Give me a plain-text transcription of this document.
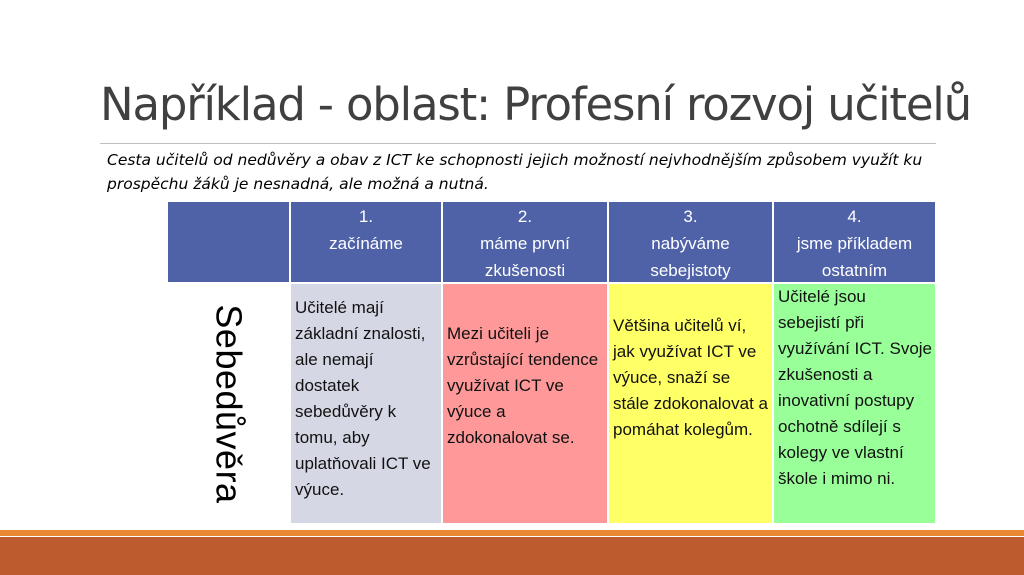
Například - oblast: Profesní rozvoj učitelů
Cesta učitelů od nedůvěry a obav z ICT ke schopnosti jejich možností nejvhodnějším způsobem využít ku prospěchu žáků je nesnadná, ale možná a nutná.
1.
začínáme
2.
máme první
zkušenosti
3.
nabýváme
sebejistoty
4.
jsme příkladem
ostatním
Sebedůvěra	Učitelé mají základní znalosti, ale nemají dostatek sebedůvěry k tomu, aby uplatňovali ICT ve výuce.
Mezi učiteli je vzrůstající tendence využívat ICT ve výuce a zdokonalovat se.
Většina učitelů ví, jak využívat ICT ve výuce, snaží se stále zdokonalovat a pomáhat kolegům.
Učitelé jsou sebejistí při využívání ICT. Svoje zkušenosti a inovativní postupy ochotně sdílejí s kolegy ve vlastní škole i mimo ni.
